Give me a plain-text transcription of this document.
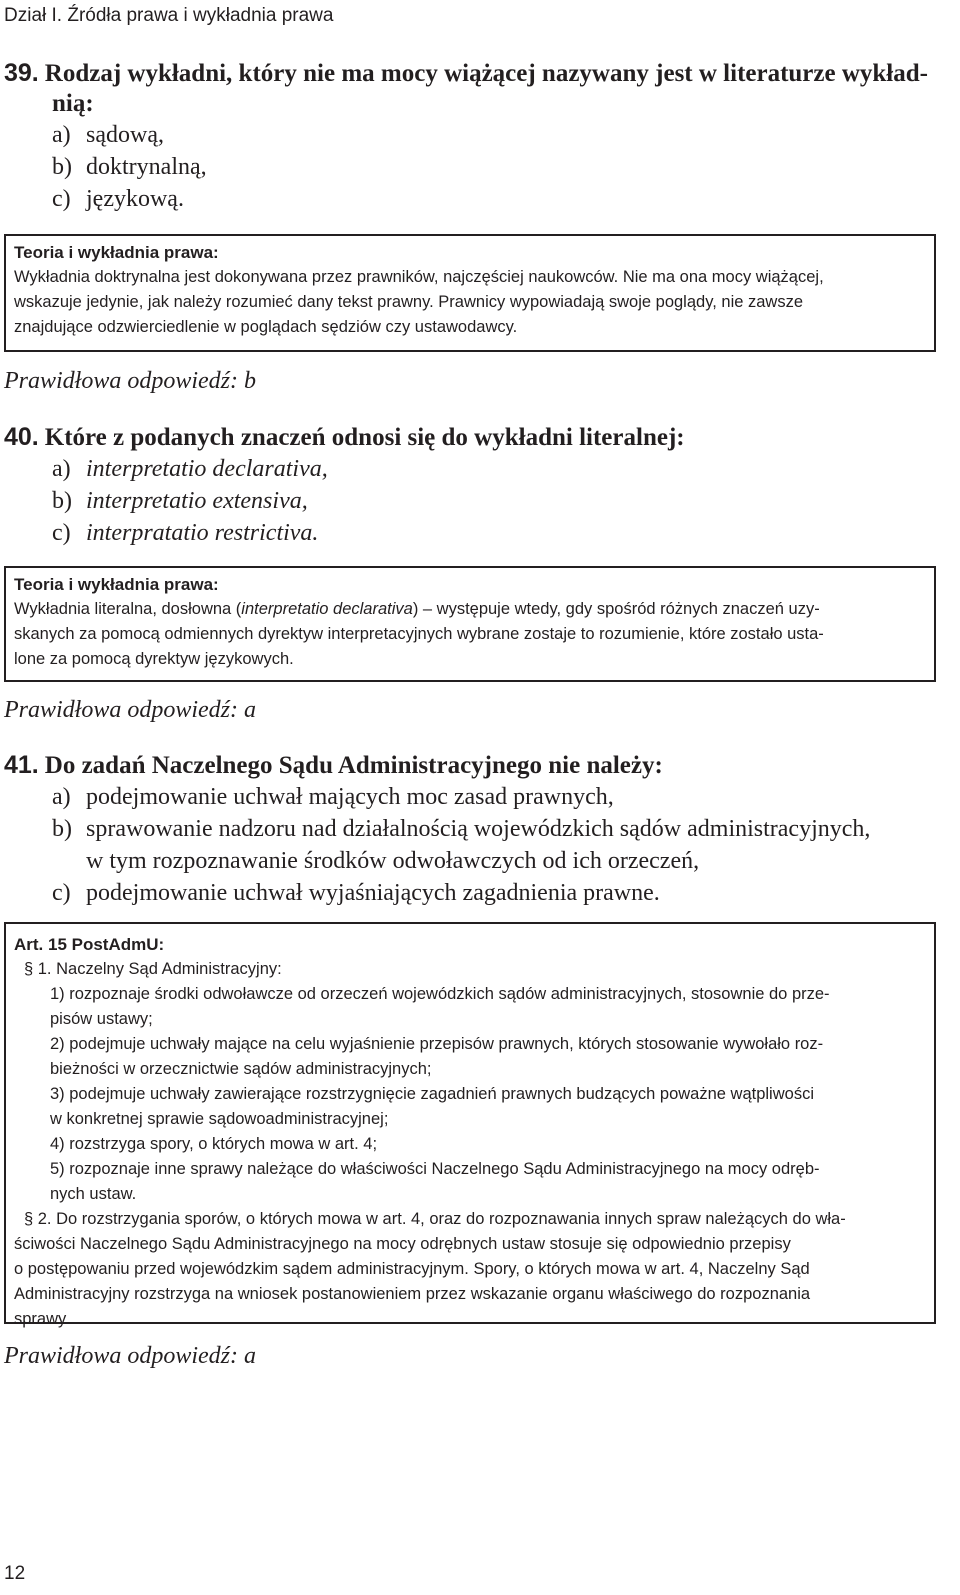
Dział I. Źródła prawa i wykładnia prawa
39. Rodzaj wykładni, który nie ma mocy wiążącej nazywany jest w literaturze wykład-
nią:
a) sądową,
b) doktrynalną,
c) językową.
Teoria i wykładnia prawa:

Wykładnia doktrynalna jest dokonywana przez prawników, najczęściej naukowców. Nie ma ona mocy wiążącej,

wskazuje jedynie, jak należy rozumieć dany tekst prawny. Prawnicy wypowiadają swoje poglądy, nie zawsze

znajdujące odzwierciedlenie w poglądach sędziów czy ustawodawcy.

Prawidłowa odpowiedź: b
40. Które z podanych znaczeń odnosi się do wykładni literalnej:
a) interpretatio declarativa,
b) interpretatio extensiva,
c) interpratatio restrictiva.
Teoria i wykładnia prawa:

Wykładnia literalna, dosłowna (interpretatio declarativa) – występuje wtedy, gdy spośród różnych znaczeń uzy-

skanych za pomocą odmiennych dyrektyw interpretacyjnych wybrane zostaje to rozumienie, które zostało usta-

lone za pomocą dyrektyw językowych.

Prawidłowa odpowiedź: a
41. Do zadań Naczelnego Sądu Administracyjnego nie należy:
a) podejmowanie uchwał mających moc zasad prawnych,
b) sprawowanie nadzoru nad działalnością wojewódzkich sądów administracyjnych,
w tym rozpoznawanie środków odwoławczych od ich orzeczeń,
c) podejmowanie uchwał wyjaśniających zagadnienia prawne.
Art. 15 PostAdmU:

§ 1. Naczelny Sąd Administracyjny:

1) rozpoznaje środki odwoławcze od orzeczeń wojewódzkich sądów administracyjnych, stosownie do prze-

pisów ustawy;

2) podejmuje uchwały mające na celu wyjaśnienie przepisów prawnych, których stosowanie wywołało roz-

bieżności w orzecznictwie sądów administracyjnych;

3) podejmuje uchwały zawierające rozstrzygnięcie zagadnień prawnych budzących poważne wątpliwości

w konkretnej sprawie sądowoadministracyjnej;

4) rozstrzyga spory, o których mowa w art. 4;

5) rozpoznaje inne sprawy należące do właściwości Naczelnego Sądu Administracyjnego na mocy odręb-

nych ustaw.

§ 2. Do rozstrzygania sporów, o których mowa w art. 4, oraz do rozpoznawania innych spraw należących do wła-

ściwości Naczelnego Sądu Administracyjnego na mocy odrębnych ustaw stosuje się odpowiednio przepisy

o postępowaniu przed wojewódzkim sądem administracyjnym. Spory, o których mowa w art. 4, Naczelny Sąd

Administracyjny rozstrzyga na wniosek postanowieniem przez wskazanie organu właściwego do rozpoznania

sprawy.

Prawidłowa odpowiedź: a
12
